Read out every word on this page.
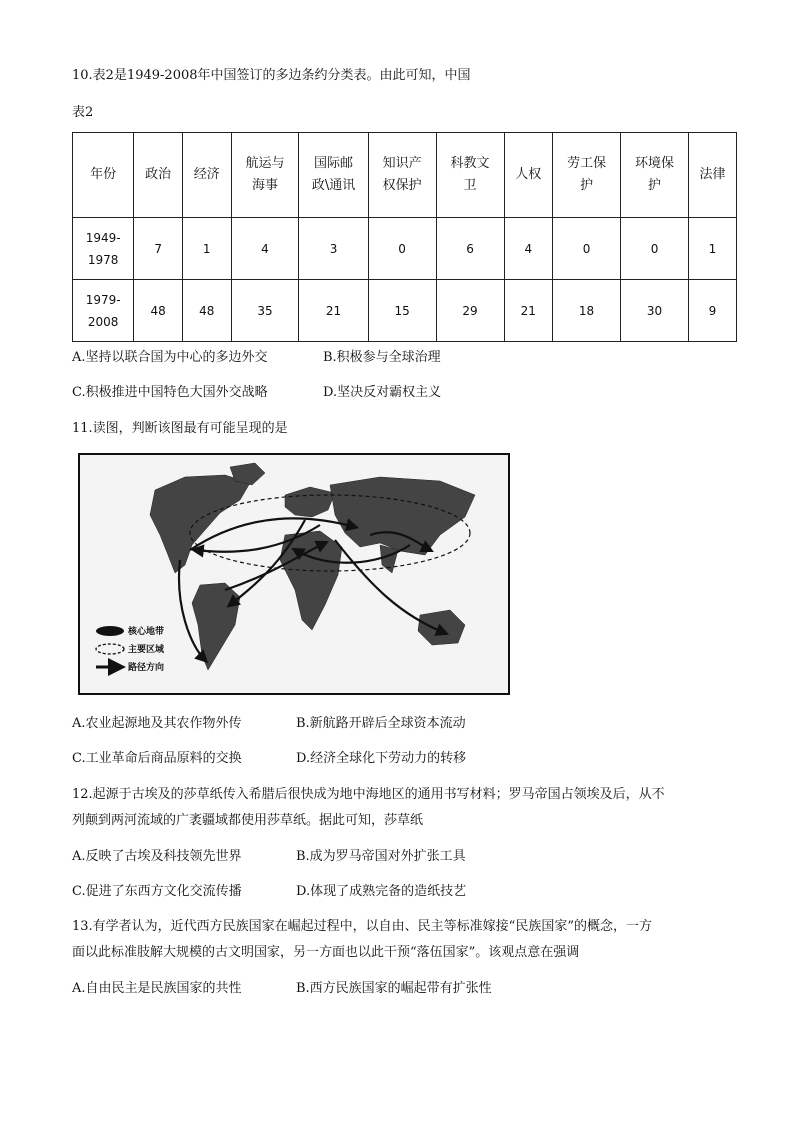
10.表2是1949-2008年中国签订的多边条约分类表。由此可知，中国
表2
年份	政治	经济	航运与海事	国际邮政\通讯	知识产权保护	科教文卫	人权	劳工保护	环境保护	法律
1949-1978	7	1	4	3	0	6	4	0	0	1
1979-2008	48	48	35	21	15	29	21	18	30	9
A.坚持以联合国为中心的多边外交	B.积极参与全球治理
C.积极推进中国特色大国外交战略	D.坚决反对霸权主义
11.读图，判断该图最有可能呈现的是
核心地带
主要区域
路径方向
A.农业起源地及其农作物外传	B.新航路开辟后全球资本流动
C.工业革命后商品原料的交换	D.经济全球化下劳动力的转移
12.起源于古埃及的莎草纸传入希腊后很快成为地中海地区的通用书写材料；罗马帝国占领埃及后，从不
列颠到两河流域的广袤疆域都使用莎草纸。据此可知，莎草纸
A.反映了古埃及科技领先世界	B.成为罗马帝国对外扩张工具
C.促进了东西方文化交流传播	D.体现了成熟完备的造纸技艺
13.有学者认为，近代西方民族国家在崛起过程中，以自由、民主等标准嫁接“民族国家”的概念，一方
面以此标准肢解大规模的古文明国家，另一方面也以此干预“落伍国家”。该观点意在强调
A.自由民主是民族国家的共性	B.西方民族国家的崛起带有扩张性
